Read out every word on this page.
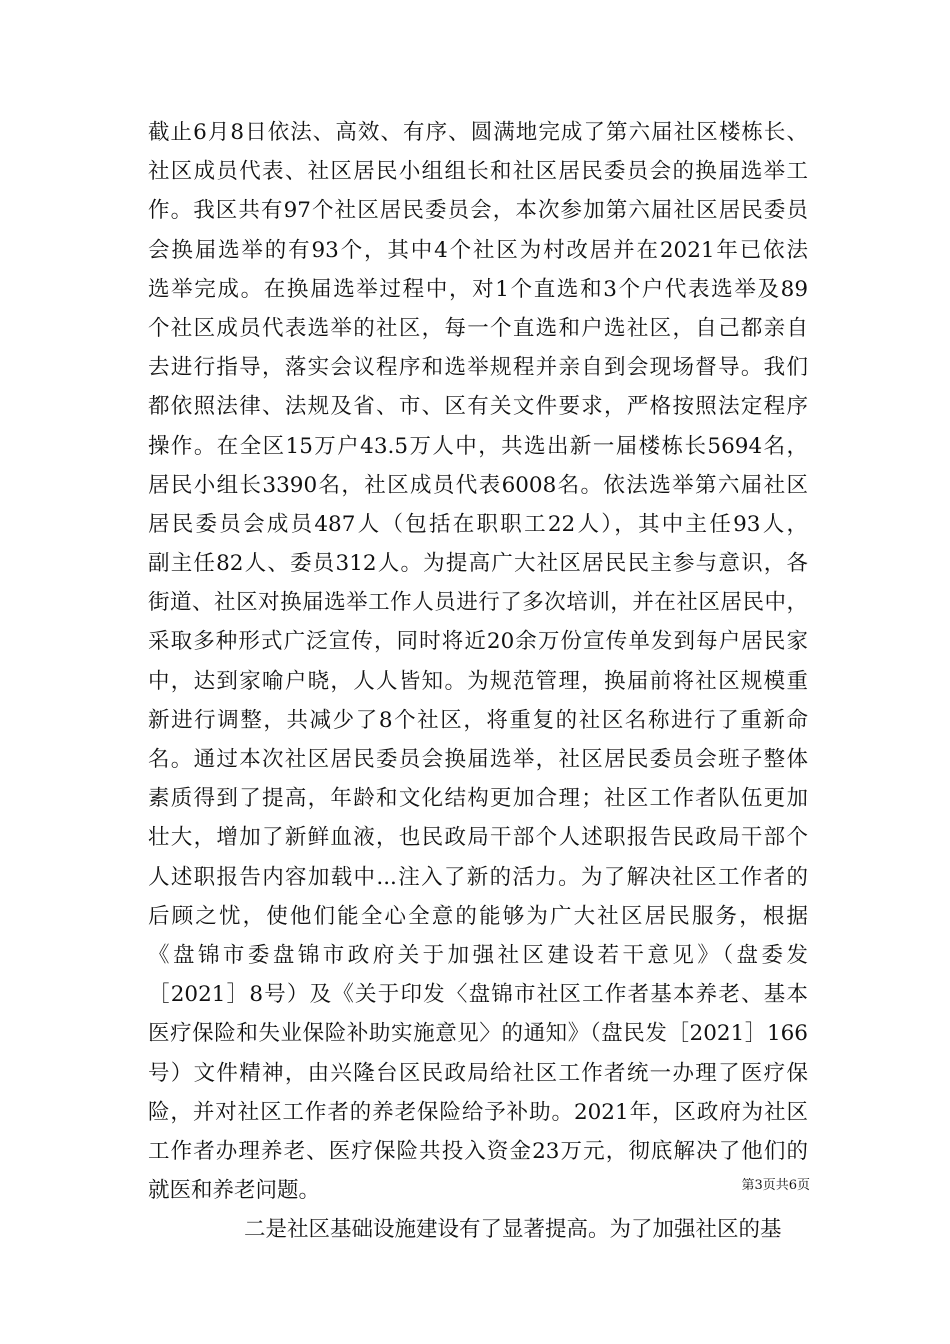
截止6月8日依法、高效、有序、圆满地完成了第六届社区楼栋长、
社区成员代表、社区居民小组组长和社区居民委员会的换届选举工
作。我区共有97个社区居民委员会，本次参加第六届社区居民委员
会换届选举的有93个，其中4个社区为村改居并在2021年已依法
选举完成。在换届选举过程中，对1个直选和3个户代表选举及89
个社区成员代表选举的社区，每一个直选和户选社区，自己都亲自
去进行指导，落实会议程序和选举规程并亲自到会现场督导。我们
都依照法律、法规及省、市、区有关文件要求，严格按照法定程序
操作。在全区15万户43.5万人中，共选出新一届楼栋长5694名，
居民小组长3390名，社区成员代表6008名。依法选举第六届社区
居民委员会成员487人（包括在职职工22人），其中主任93人，
副主任82人、委员312人。为提高广大社区居民民主参与意识，各
街道、社区对换届选举工作人员进行了多次培训，并在社区居民中，
采取多种形式广泛宣传，同时将近20余万份宣传单发到每户居民家
中，达到家喻户晓，人人皆知。为规范管理，换届前将社区规模重
新进行调整，共减少了8个社区，将重复的社区名称进行了重新命
名。通过本次社区居民委员会换届选举，社区居民委员会班子整体
素质得到了提高，年龄和文化结构更加合理；社区工作者队伍更加
壮大，增加了新鲜血液，也民政局干部个人述职报告民政局干部个
人述职报告内容加载中...注入了新的活力。为了解决社区工作者的
后顾之忧，使他们能全心全意的能够为广大社区居民服务，根据
《盘锦市委盘锦市政府关于加强社区建设若干意见》（盘委发
［2021］8号）及《关于印发〈盘锦市社区工作者基本养老、基本
医疗保险和失业保险补助实施意见〉的通知》（盘民发［2021］166
号）文件精神，由兴隆台区民政局给社区工作者统一办理了医疗保
险，并对社区工作者的养老保险给予补助。2021年，区政府为社区
工作者办理养老、医疗保险共投入资金23万元，彻底解决了他们的
就医和养老问题。
二是社区基础设施建设有了显著提高。为了加强社区的基
第3页共6页
